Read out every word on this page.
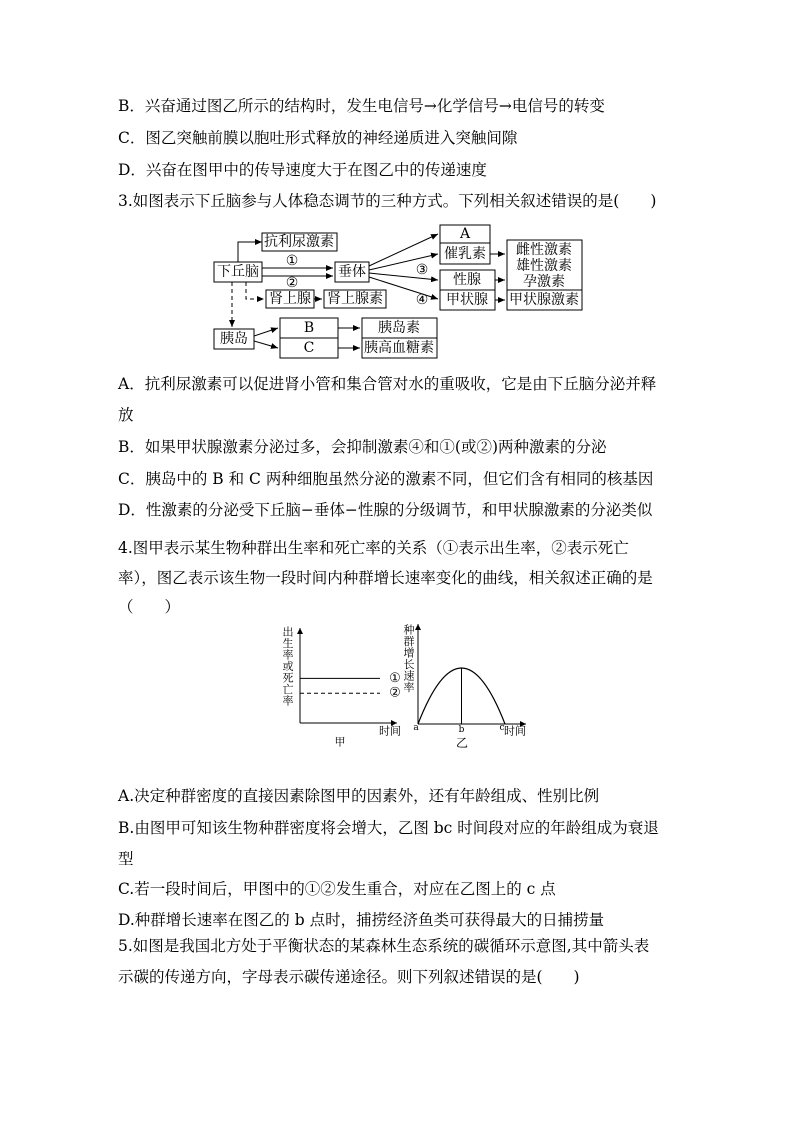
B．兴奋通过图乙所示的结构时，发生电信号→化学信号→电信号的转变
C．图乙突触前膜以胞吐形式释放的神经递质进入突触间隙
D．兴奋在图甲中的传导速度大于在图乙中的传递速度
3.如图表示下丘脑参与人体稳态调节的三种方式。下列相关叙述错误的是(　　)
下丘脑
抗利尿激素
①
②
垂体
肾上腺 肾上腺素
A
催乳素
③
④
性腺
甲状腺
雌性激素
雄性激素
孕激素
甲状腺激素
胰岛
B
C
胰岛素
胰高血糖素
A．抗利尿激素可以促进肾小管和集合管对水的重吸收，它是由下丘脑分泌并释
放
B．如果甲状腺激素分泌过多，会抑制激素④和①(或②)两种激素的分泌
C．胰岛中的 B 和 C 两种细胞虽然分泌的激素不同，但它们含有相同的核基因
D．性激素的分泌受下丘脑−垂体−性腺的分级调节，和甲状腺激素的分泌类似
4.图甲表示某生物种群出生率和死亡率的关系（①表示出生率，②表示死亡
率），图乙表示该生物一段时间内种群增长速率变化的曲线，相关叙述正确的是
（　　）
出
生
率
或
死
亡
率
时间
甲
①
②
种
群
增
长
速
率
时间
乙
a	b	c
A.决定种群密度的直接因素除图甲的因素外，还有年龄组成、性别比例
B.由图甲可知该生物种群密度将会增大，乙图 bc 时间段对应的年龄组成为衰退
型
C.若一段时间后，甲图中的①②发生重合，对应在乙图上的 c 点
D.种群增长速率在图乙的 b 点时，捕捞经济鱼类可获得最大的日捕捞量
5.如图是我国北方处于平衡状态的某森林生态系统的碳循环示意图,其中箭头表
示碳的传递方向，字母表示碳传递途径。则下列叙述错误的是(　　)
